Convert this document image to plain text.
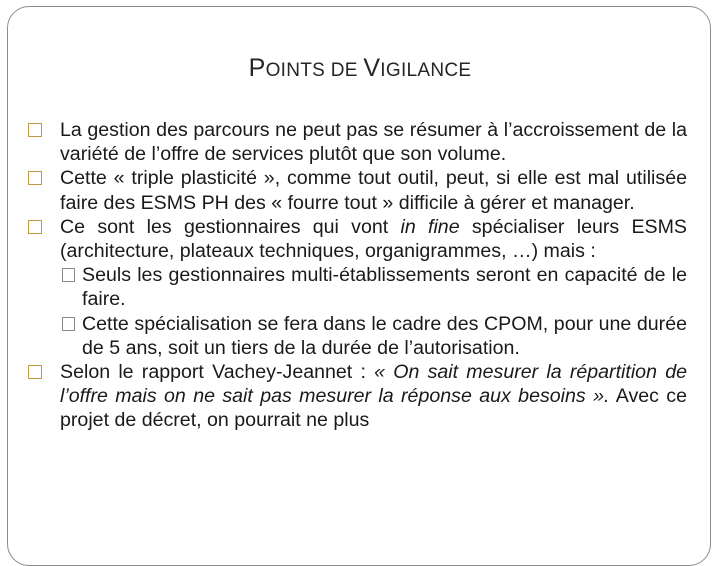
POINTS DE VIGILANCE
La gestion des parcours ne peut pas se résumer à l’accroissement de la variété de l’offre de services plutôt que son volume.
Cette « triple plasticité », comme tout outil, peut, si elle est mal utilisée faire des ESMS PH des « fourre tout » difficile à gérer et manager.
Ce sont les gestionnaires qui vont in fine spécialiser leurs ESMS (architecture, plateaux techniques, organigrammes, …) mais :
Seuls les gestionnaires multi-établissements seront en capacité de le faire.
Cette spécialisation se fera dans le cadre des CPOM, pour une durée de 5 ans, soit un tiers de la durée de l’autorisation.
Selon le rapport Vachey-Jeannet : « On sait mesurer la répartition de l’offre mais on ne sait pas mesurer la réponse aux besoins ». Avec ce projet de décret, on pourrait ne plus
